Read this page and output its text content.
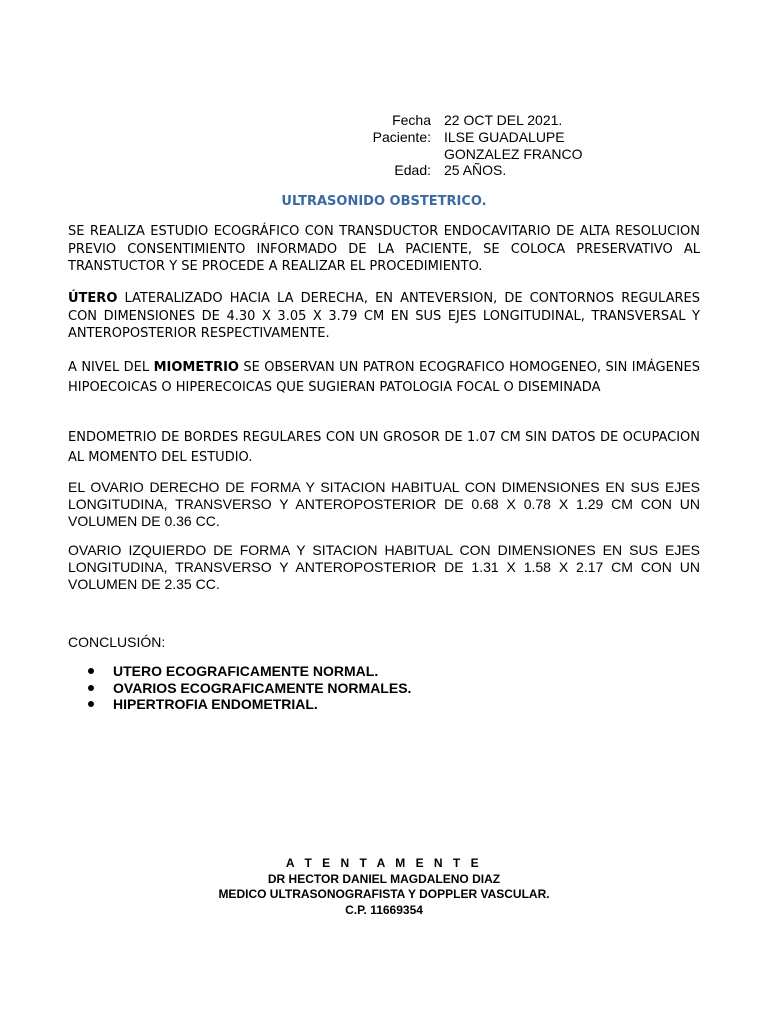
Fecha 22 OCT DEL 2021.
Paciente: ILSE GUADALUPE
GONZALEZ FRANCO
Edad: 25 AÑOS.
ULTRASONIDO OBSTETRICO.
SE REALIZA ESTUDIO ECOGRÁFICO CON TRANSDUCTOR ENDOCAVITARIO DE ALTA RESOLUCION PREVIO CONSENTIMIENTO INFORMADO DE LA PACIENTE, SE COLOCA PRESERVATIVO AL TRANSTUCTOR Y SE PROCEDE A REALIZAR EL PROCEDIMIENTO.
ÚTERO LATERALIZADO HACIA LA DERECHA, EN ANTEVERSION, DE CONTORNOS REGULARES CON DIMENSIONES DE 4.30 X 3.05 X 3.79 CM EN SUS EJES LONGITUDINAL, TRANSVERSAL Y ANTEROPOSTERIOR RESPECTIVAMENTE.
A NIVEL DEL MIOMETRIO SE OBSERVAN UN PATRON ECOGRAFICO HOMOGENEO, SIN IMÁGENES HIPOECOICAS O HIPERECOICAS QUE SUGIERAN PATOLOGIA FOCAL O DISEMINADA
ENDOMETRIO DE BORDES REGULARES CON UN GROSOR DE 1.07 CM SIN DATOS DE OCUPACION AL MOMENTO DEL ESTUDIO.
EL OVARIO DERECHO DE FORMA Y SITACION HABITUAL CON DIMENSIONES EN SUS EJES LONGITUDINA, TRANSVERSO Y ANTEROPOSTERIOR DE 0.68 X 0.78 X 1.29 CM CON UN VOLUMEN DE 0.36 CC.
OVARIO IZQUIERDO DE FORMA Y SITACION HABITUAL CON DIMENSIONES EN SUS EJES LONGITUDINA, TRANSVERSO Y ANTEROPOSTERIOR DE 1.31 X 1.58 X 2.17 CM CON UN VOLUMEN DE 2.35 CC.
CONCLUSIÓN:
UTERO ECOGRAFICAMENTE NORMAL.
OVARIOS ECOGRAFICAMENTE NORMALES.
HIPERTROFIA ENDOMETRIAL.
A T E N T A M E N T E
DR HECTOR DANIEL MAGDALENO DIAZ
MEDICO ULTRASONOGRAFISTA Y DOPPLER VASCULAR.
C.P. 11669354
